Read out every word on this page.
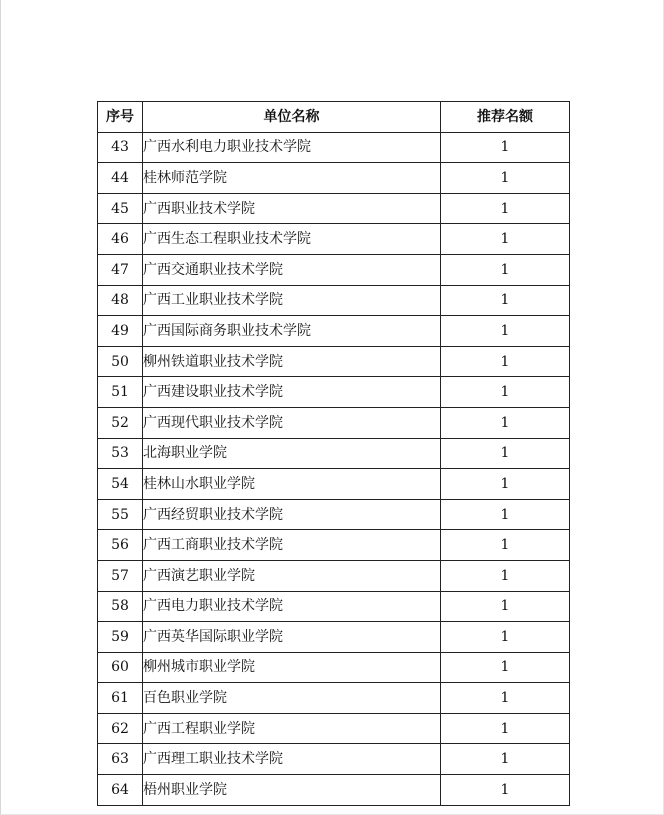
序号	单位名称	推荐名额
43	广西水利电力职业技术学院	1
44	桂林师范学院	1
45	广西职业技术学院	1
46	广西生态工程职业技术学院	1
47	广西交通职业技术学院	1
48	广西工业职业技术学院	1
49	广西国际商务职业技术学院	1
50	柳州铁道职业技术学院	1
51	广西建设职业技术学院	1
52	广西现代职业技术学院	1
53	北海职业学院	1
54	桂林山水职业学院	1
55	广西经贸职业技术学院	1
56	广西工商职业技术学院	1
57	广西演艺职业学院	1
58	广西电力职业技术学院	1
59	广西英华国际职业学院	1
60	柳州城市职业学院	1
61	百色职业学院	1
62	广西工程职业学院	1
63	广西理工职业技术学院	1
64	梧州职业学院	1
